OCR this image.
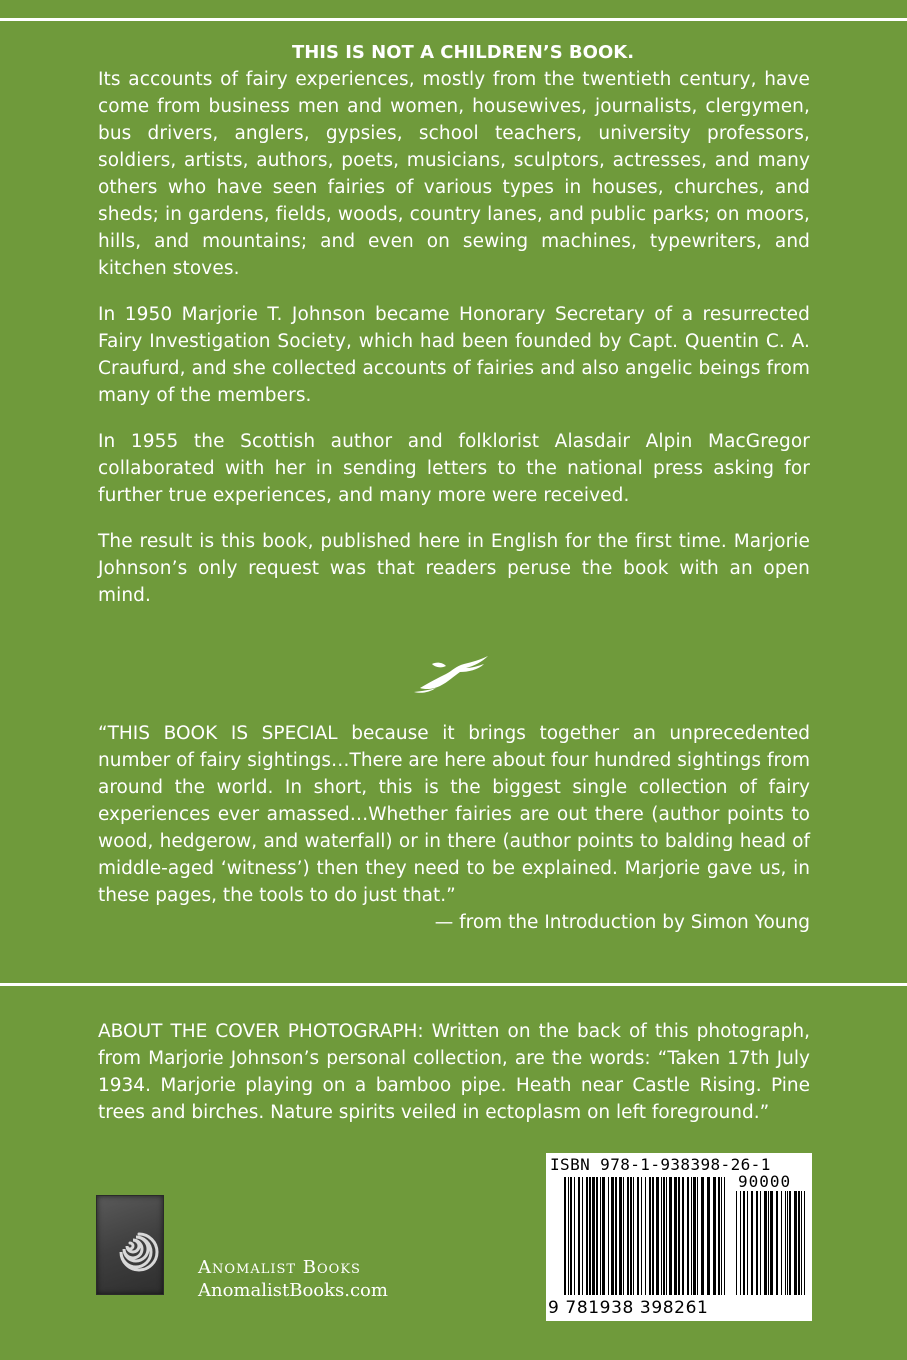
THIS IS NOT A CHILDREN’S BOOK.

Its accounts of fairy experiences, mostly from the twentieth century, have come from business men and women, housewives, journalists, clergymen, bus drivers, anglers, gypsies, school teachers, university professors, soldiers, artists, authors, poets, musicians, sculptors, actresses, and many others who have seen fairies of various types in houses, churches, and sheds; in gardens, fields, woods, country lanes, and public parks; on moors, hills, and mountains; and even on sewing machines, typewriters, and kitchen stoves.

In 1950 Marjorie T. Johnson became Honorary Secretary of a resurrected Fairy Investigation Society, which had been founded by Capt. Quentin C. A. Craufurd, and she collected accounts of fairies and also angelic beings from many of the members.

In 1955 the Scottish author and folklorist Alasdair Alpin MacGregor collaborated with her in sending letters to the national press asking for further true experiences, and many more were received.

The result is this book, published here in English for the first time. Marjorie Johnson’s only request was that readers peruse the book with an open mind.

“THIS BOOK IS SPECIAL because it brings together an unprecedented number of fairy sightings…There are here about four hundred sightings from around the world. In short, this is the biggest single collection of fairy experiences ever amassed…Whether fairies are out there (author points to wood, hedgerow, and waterfall) or in there (author points to balding head of middle-aged ‘witness’) then they need to be explained. Marjorie gave us, in these pages, the tools to do just that.”

— from the Introduction by Simon Young

ABOUT THE COVER PHOTOGRAPH: Written on the back of this photograph, from Marjorie Johnson’s personal collection, are the words: “Taken 17th July 1934. Marjorie playing on a bamboo pipe. Heath near Castle Rising. Pine trees and birches. Nature spirits veiled in ectoplasm on left foreground.”

Anomalist Books
AnomalistBooks.com
ISBN 978-1-938398-26-1
90000
9 781938 398261
